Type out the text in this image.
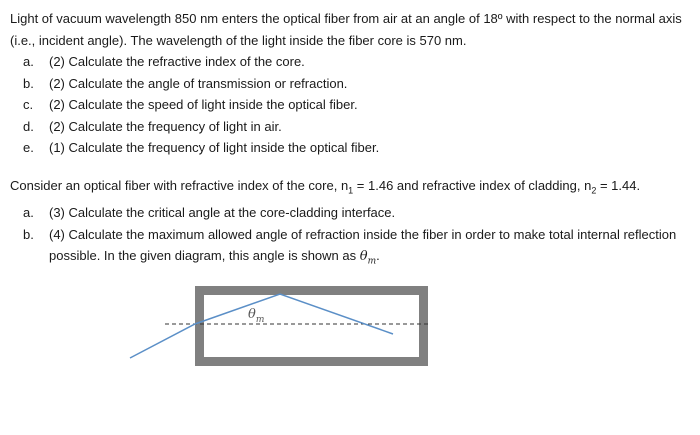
Light of vacuum wavelength 850 nm enters the optical fiber from air at an angle of 18º with respect to the normal axis (i.e., incident angle). The wavelength of the light inside the fiber core is 570 nm.

a.	(2) Calculate the refractive index of the core.
b.	(2) Calculate the angle of transmission or refraction.
c.	(2) Calculate the speed of light inside the optical fiber.
d.	(2) Calculate the frequency of light in air.
e.	(1) Calculate the frequency of light inside the optical fiber.

Consider an optical fiber with refractive index of the core, $n_1 = 1.46$ and refractive index of cladding, $n_2 = 1.44$.

a.	(3) Calculate the critical angle at the core-cladding interface.
b.	(4) Calculate the maximum allowed angle of refraction inside the fiber in order to make total internal reflection possible. In the given diagram, this angle is shown as $\theta_m$.
$\theta_m$
